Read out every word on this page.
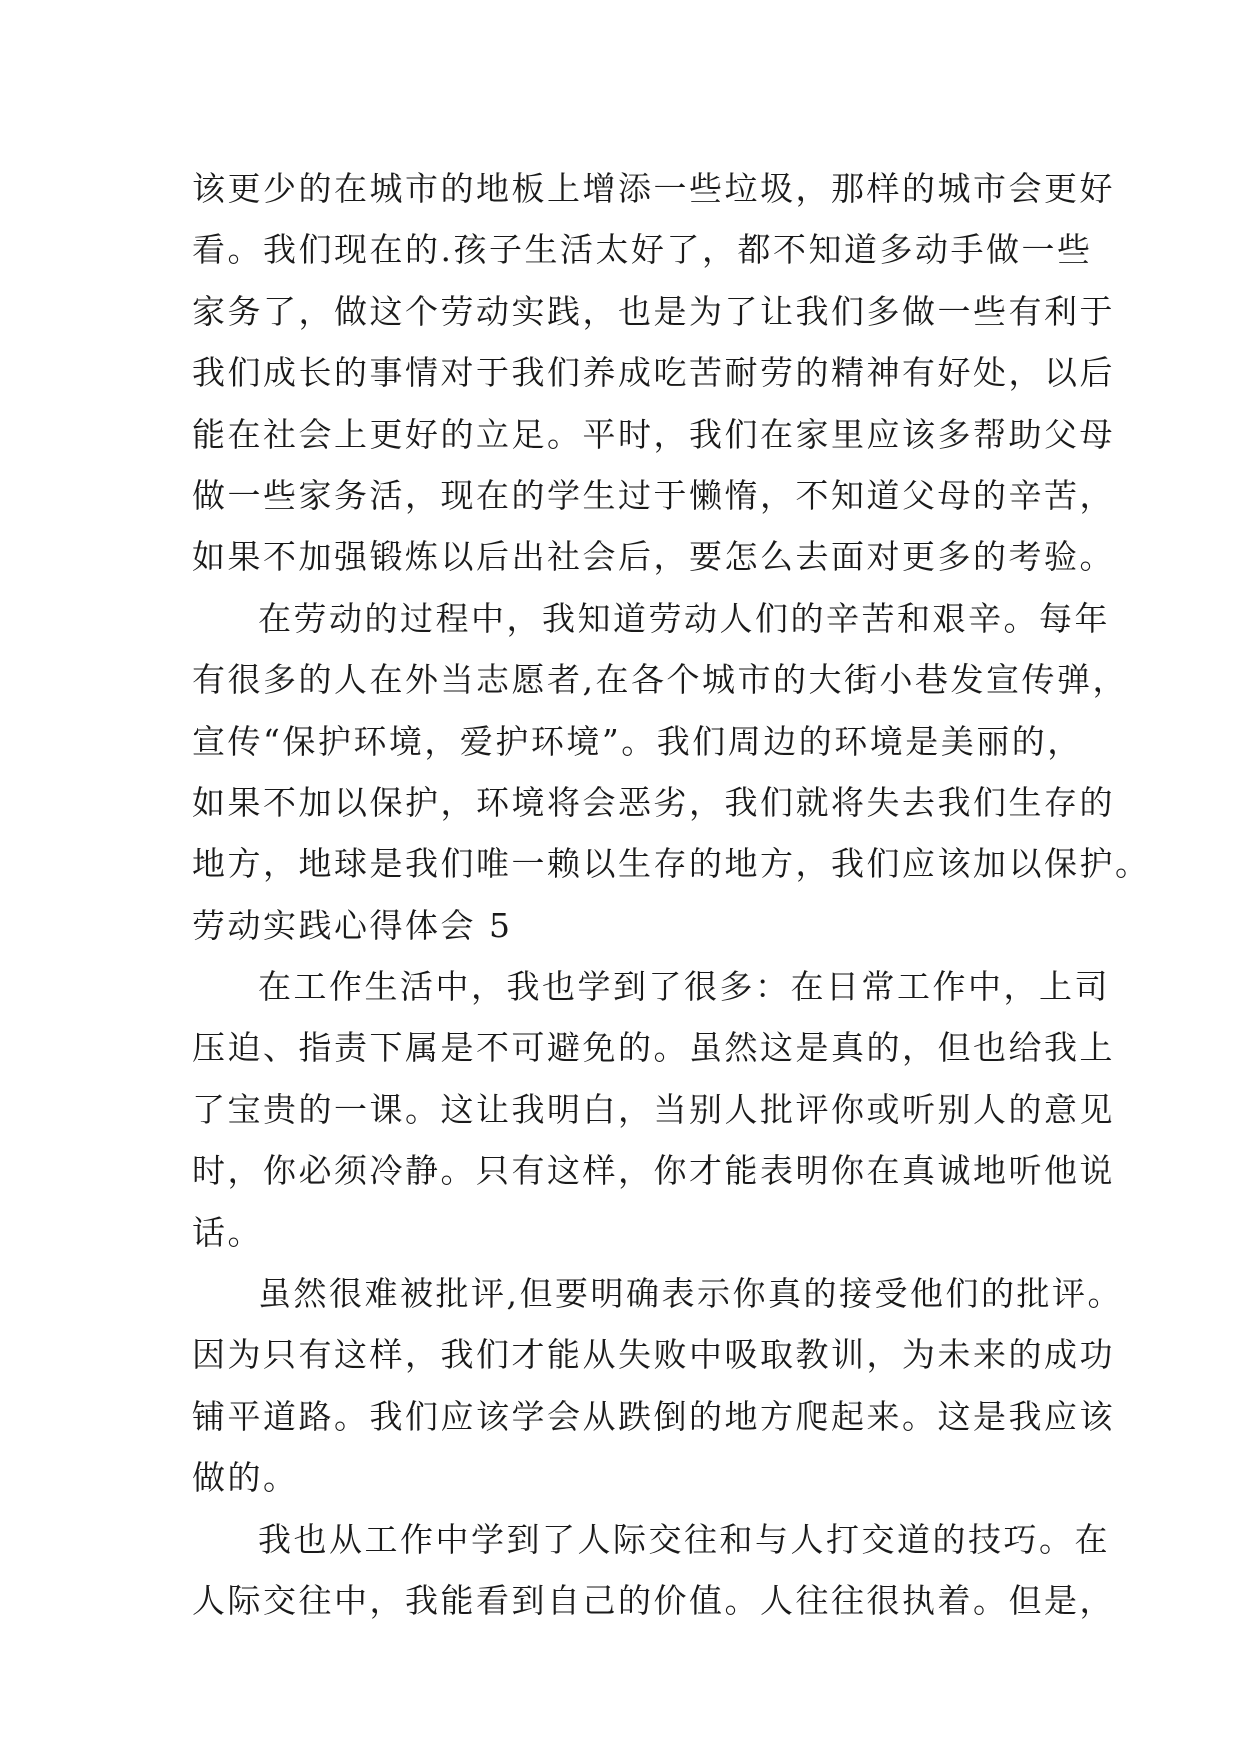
该更少的在城市的地板上增添一些垃圾，那样的城市会更好
看。我们现在的.孩子生活太好了，都不知道多动手做一些
家务了，做这个劳动实践，也是为了让我们多做一些有利于
我们成长的事情对于我们养成吃苦耐劳的精神有好处，以后
能在社会上更好的立足。平时，我们在家里应该多帮助父母
做一些家务活，现在的学生过于懒惰，不知道父母的辛苦，
如果不加强锻炼以后出社会后，要怎么去面对更多的考验。
在劳动的过程中，我知道劳动人们的辛苦和艰辛。每年
有很多的人在外当志愿者,在各个城市的大街小巷发宣传弹，
宣传“保护环境，爱护环境”。我们周边的环境是美丽的，
如果不加以保护，环境将会恶劣，我们就将失去我们生存的
地方，地球是我们唯一赖以生存的地方，我们应该加以保护。
劳动实践心得体会 5
在工作生活中，我也学到了很多：在日常工作中，上司
压迫、指责下属是不可避免的。虽然这是真的，但也给我上
了宝贵的一课。这让我明白，当别人批评你或听别人的意见
时，你必须冷静。只有这样，你才能表明你在真诚地听他说
话。
虽然很难被批评,但要明确表示你真的接受他们的批评。
因为只有这样，我们才能从失败中吸取教训，为未来的成功
铺平道路。我们应该学会从跌倒的地方爬起来。这是我应该
做的。
我也从工作中学到了人际交往和与人打交道的技巧。在
人际交往中，我能看到自己的价值。人往往很执着。但是，
